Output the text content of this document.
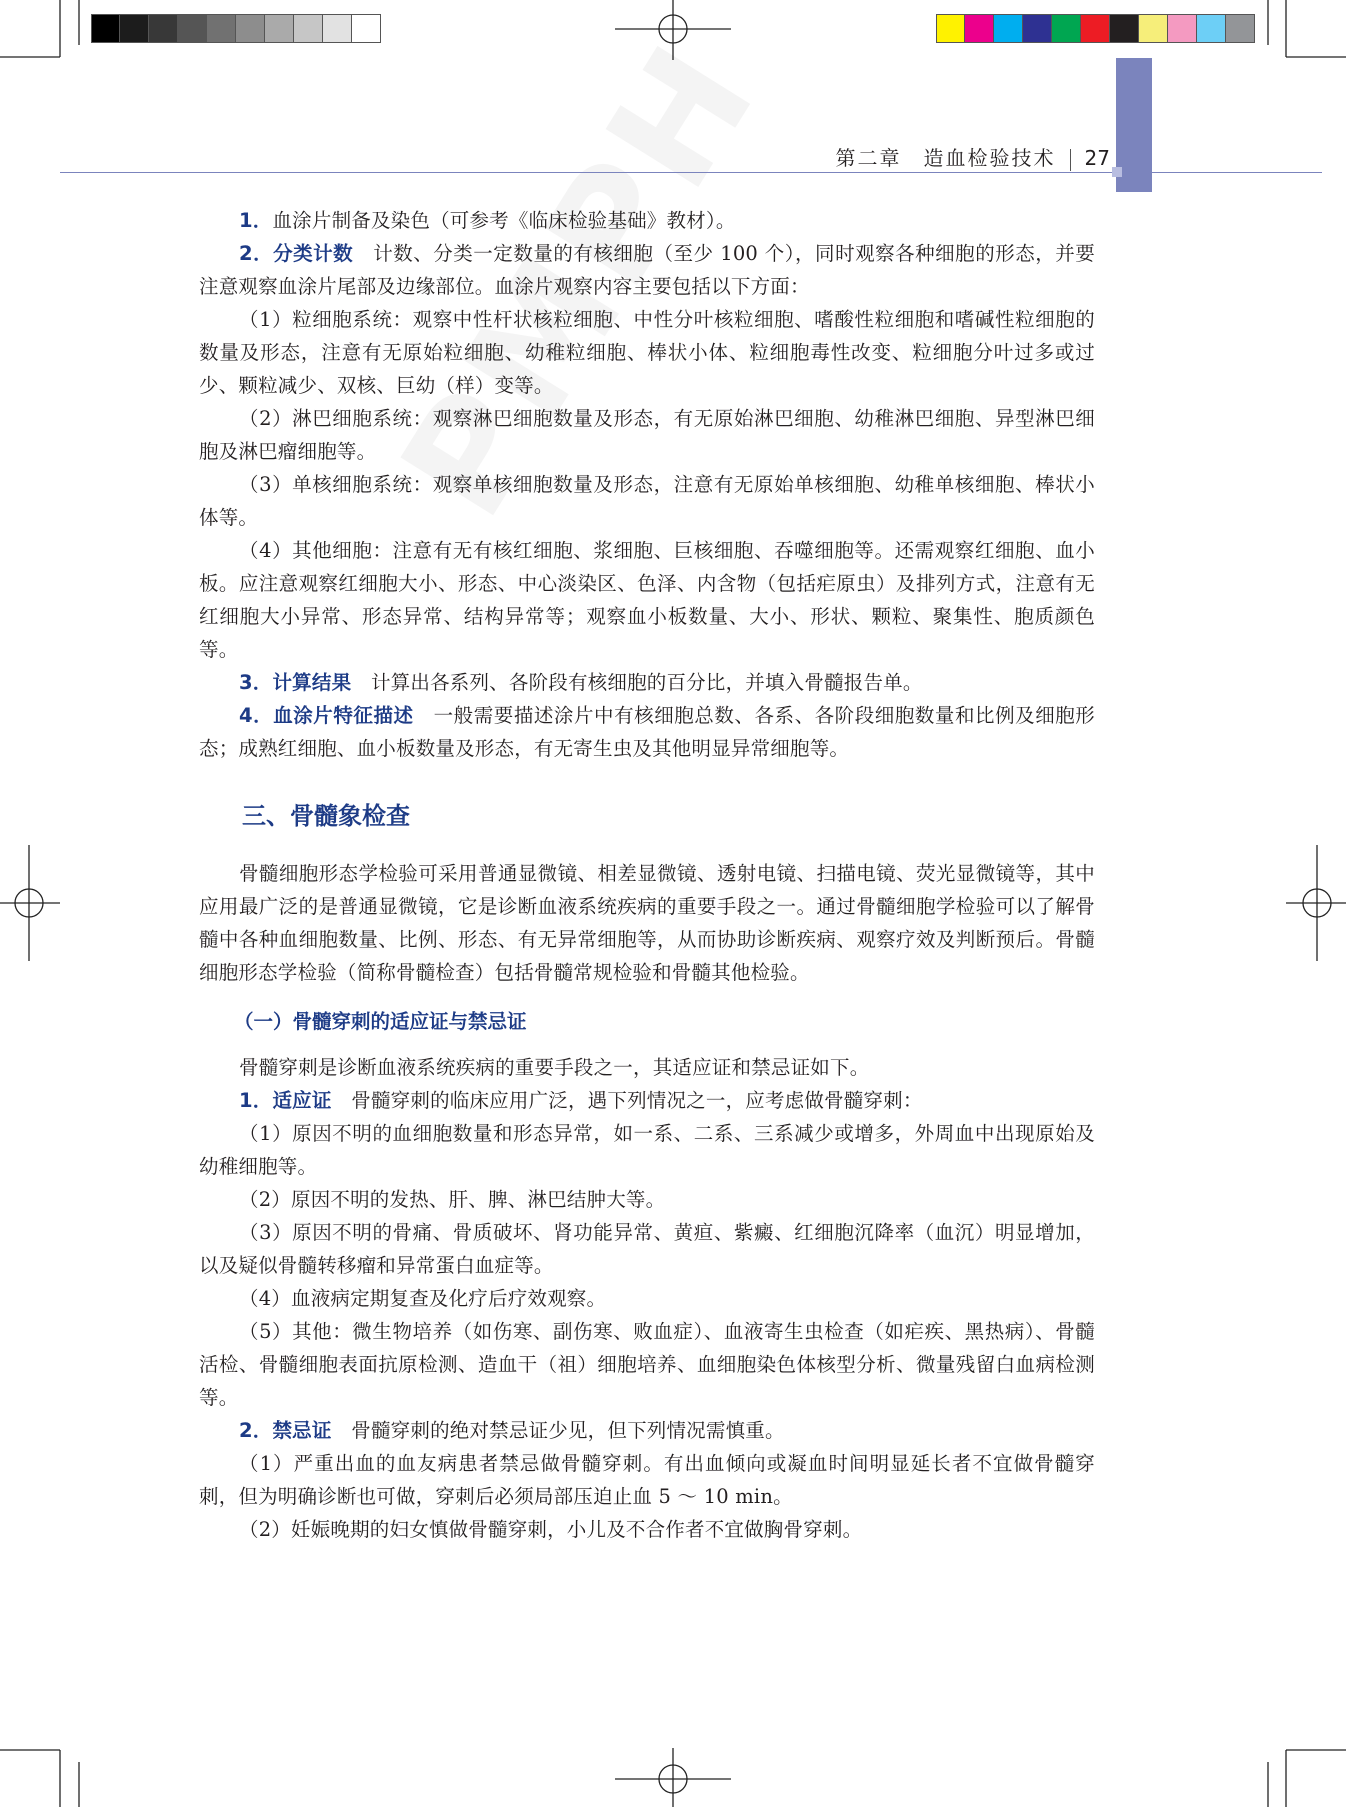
第二章　造血检验技术 27

1．血涂片制备及染色（可参考《临床检验基础》教材）。

2．分类计数　计数、分类一定数量的有核细胞（至少 100 个），同时观察各种细胞的形态，并要注意观察血涂片尾部及边缘部位。血涂片观察内容主要包括以下方面：

（1）粒细胞系统：观察中性杆状核粒细胞、中性分叶核粒细胞、嗜酸性粒细胞和嗜碱性粒细胞的数量及形态，注意有无原始粒细胞、幼稚粒细胞、棒状小体、粒细胞毒性改变、粒细胞分叶过多或过少、颗粒减少、双核、巨幼（样）变等。

（2）淋巴细胞系统：观察淋巴细胞数量及形态，有无原始淋巴细胞、幼稚淋巴细胞、异型淋巴细胞及淋巴瘤细胞等。

（3）单核细胞系统：观察单核细胞数量及形态，注意有无原始单核细胞、幼稚单核细胞、棒状小体等。

（4）其他细胞：注意有无有核红细胞、浆细胞、巨核细胞、吞噬细胞等。还需观察红细胞、血小板。应注意观察红细胞大小、形态、中心淡染区、色泽、内含物（包括疟原虫）及排列方式，注意有无红细胞大小异常、形态异常、结构异常等；观察血小板数量、大小、形状、颗粒、聚集性、胞质颜色等。

3．计算结果　计算出各系列、各阶段有核细胞的百分比，并填入骨髓报告单。

4．血涂片特征描述　一般需要描述涂片中有核细胞总数、各系、各阶段细胞数量和比例及细胞形态；成熟红细胞、血小板数量及形态，有无寄生虫及其他明显异常细胞等。

三、骨髓象检查

骨髓细胞形态学检验可采用普通显微镜、相差显微镜、透射电镜、扫描电镜、荧光显微镜等，其中应用最广泛的是普通显微镜，它是诊断血液系统疾病的重要手段之一。通过骨髓细胞学检验可以了解骨髓中各种血细胞数量、比例、形态、有无异常细胞等，从而协助诊断疾病、观察疗效及判断预后。骨髓细胞形态学检验（简称骨髓检查）包括骨髓常规检验和骨髓其他检验。

（一）骨髓穿刺的适应证与禁忌证

骨髓穿刺是诊断血液系统疾病的重要手段之一，其适应证和禁忌证如下。

1．适应证　骨髓穿刺的临床应用广泛，遇下列情况之一，应考虑做骨髓穿刺：

（1）原因不明的血细胞数量和形态异常，如一系、二系、三系减少或增多，外周血中出现原始及幼稚细胞等。

（2）原因不明的发热、肝、脾、淋巴结肿大等。

（3）原因不明的骨痛、骨质破坏、肾功能异常、黄疸、紫癜、红细胞沉降率（血沉）明显增加，以及疑似骨髓转移瘤和异常蛋白血症等。

（4）血液病定期复查及化疗后疗效观察。

（5）其他：微生物培养（如伤寒、副伤寒、败血症）、血液寄生虫检查（如疟疾、黑热病）、骨髓活检、骨髓细胞表面抗原检测、造血干（祖）细胞培养、血细胞染色体核型分析、微量残留白血病检测等。

2．禁忌证　骨髓穿刺的绝对禁忌证少见，但下列情况需慎重。

（1）严重出血的血友病患者禁忌做骨髓穿刺。有出血倾向或凝血时间明显延长者不宜做骨髓穿刺，但为明确诊断也可做，穿刺后必须局部压迫止血 5 ～ 10 min。

（2）妊娠晚期的妇女慎做骨髓穿刺，小儿及不合作者不宜做胸骨穿刺。
